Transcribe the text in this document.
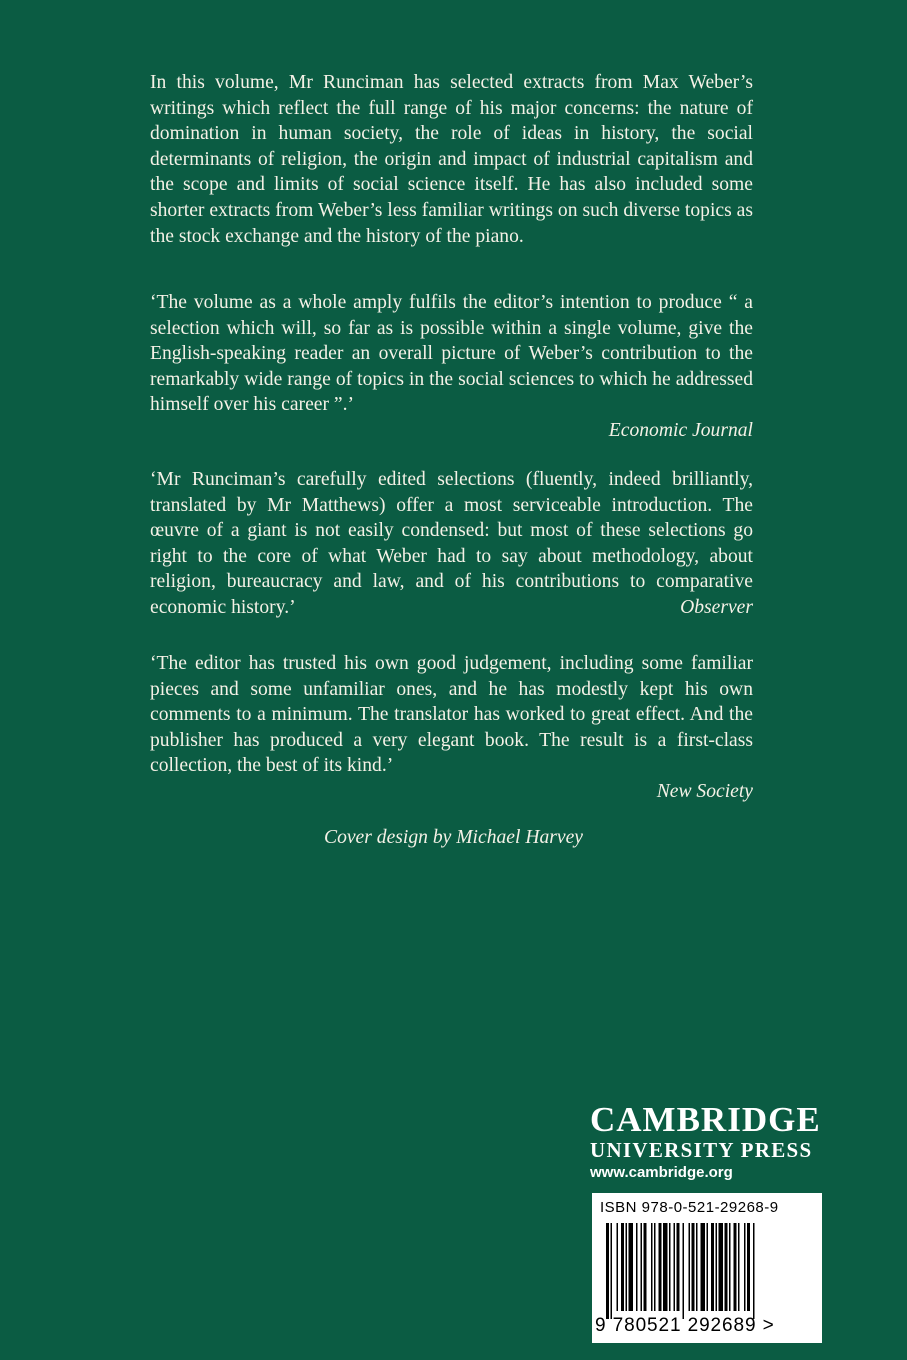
In this volume, Mr Runciman has selected extracts from Max Weber’s writings which reflect the full range of his major concerns: the nature of domination in human society, the role of ideas in history, the social determinants of religion, the origin and impact of industrial capitalism and the scope and limits of social science itself. He has also included some shorter extracts from Weber’s less familiar writings on such diverse topics as the stock exchange and the history of the piano.

‘The volume as a whole amply fulfils the editor’s intention to produce “ a selection which will, so far as is possible within a single volume, give the English-speaking reader an overall picture of Weber’s contribution to the remarkably wide range of topics in the social sciences to which he addressed himself over his career ”.’
Economic Journal
‘Mr Runciman’s carefully edited selections (fluently, indeed brilliantly, translated by Mr Matthews) offer a most serviceable introduction. The œuvre of a giant is not easily condensed: but most of these selections go right to the core of what Weber had to say about methodology, about religion, bureaucracy and law, and of his contributions to comparative economic history.’	Observer
‘The editor has trusted his own good judgement, including some familiar pieces and some unfamiliar ones, and he has modestly kept his own comments to a minimum. The translator has worked to great effect. And the publisher has produced a very elegant book. The result is a first-class collection, the best of its kind.’
New Society
Cover design by Michael Harvey
CAMBRIDGE
UNIVERSITY PRESS
www.cambridge.org
ISBN 978-0-521-29268-9
9 780521 292689 >
